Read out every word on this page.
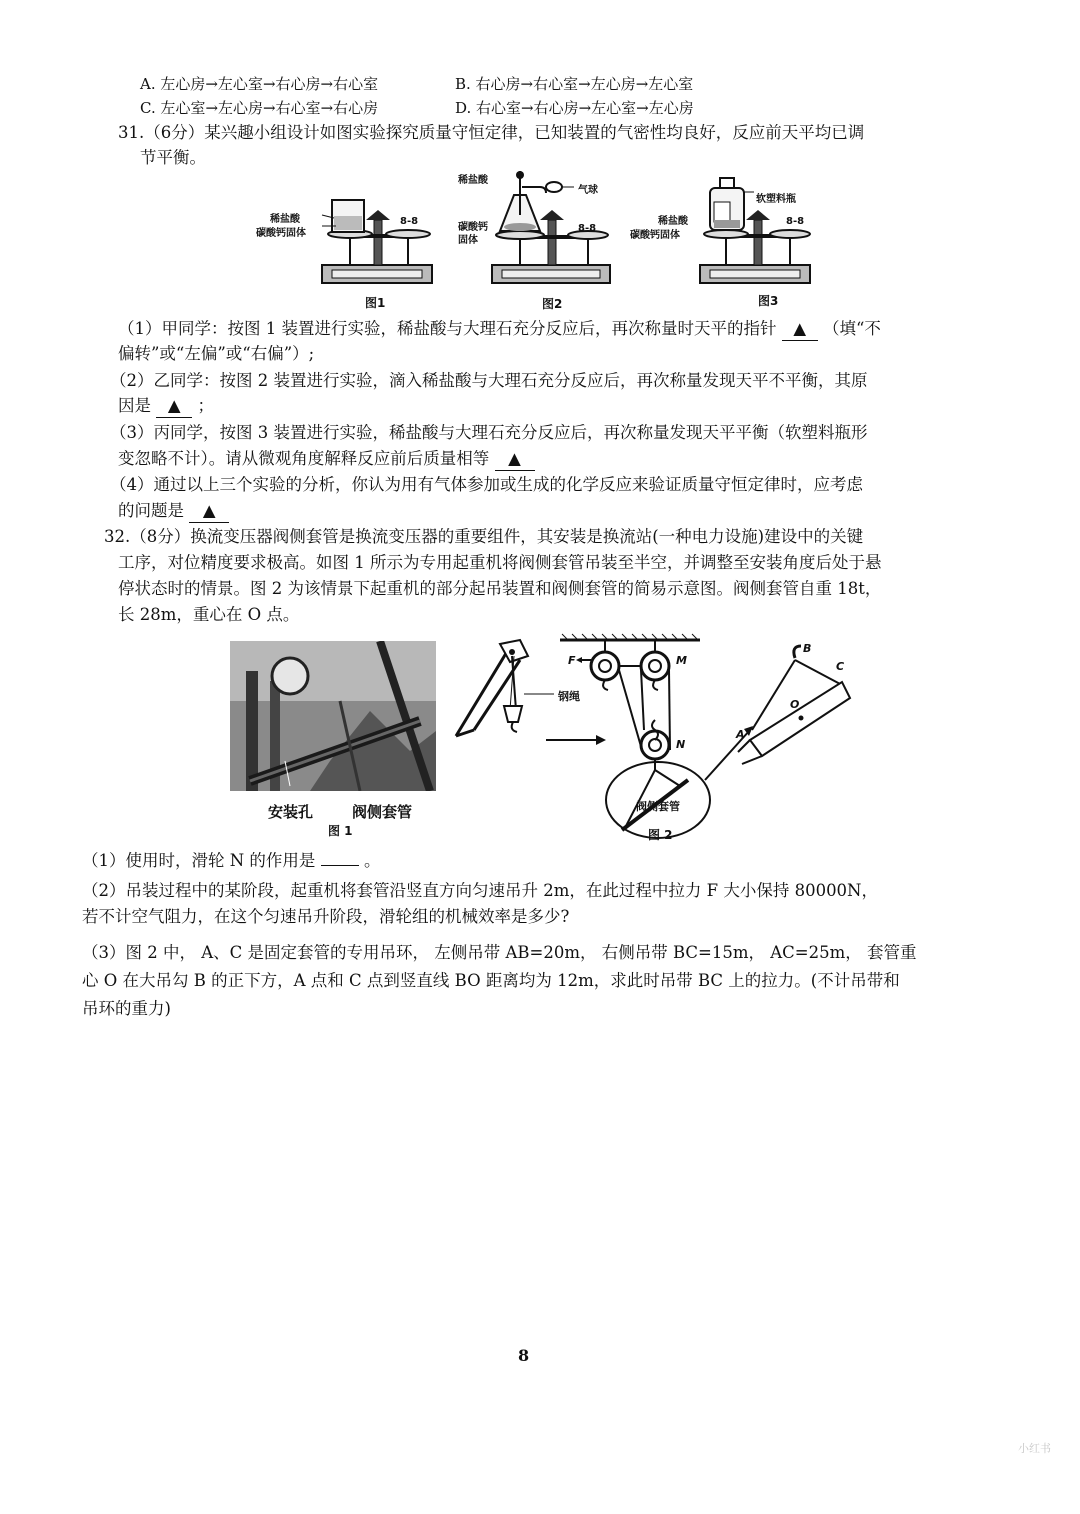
A. 左心房→左心室→右心房→右心室	B. 右心房→右心室→左心房→左心室
C. 左心室→左心房→右心室→右心房	D. 右心室→右心房→左心室→左心房
31.（6分）某兴趣小组设计如图实验探究质量守恒定律，已知装置的气密性均良好，反应前天平均已调
节平衡。
稀盐酸
碳酸钙固体
8-8
图1
稀盐酸
气球
碳酸钙
固体
8-8
图2
软塑料瓶
稀盐酸
碳酸钙固体
8-8
图3
（1）甲同学：按图 1 装置进行实验，稀盐酸与大理石充分反应后，再次称量时天平的指针 ▲ （填“不
偏转”或“左偏”或“右偏”）;
（2）乙同学：按图 2 装置进行实验，滴入稀盐酸与大理石充分反应后，再次称量发现天平不平衡，其原
因是 ▲ ；
（3）丙同学，按图 3 装置进行实验，稀盐酸与大理石充分反应后，再次称量发现天平平衡（软塑料瓶形
变忽略不计）。请从微观角度解释反应前后质量相等 ▲
（4）通过以上三个实验的分析，你认为用有气体参加或生成的化学反应来验证质量守恒定律时，应考虑
的问题是 ▲
32.（8分）换流变压器阀侧套管是换流变压器的重要组件，其安装是换流站(一种电力设施)建设中的关键
工序，对位精度要求极高。如图 1 所示为专用起重机将阀侧套管吊装至半空，并调整至安装角度后处于悬
停状态时的情景。图 2 为该情景下起重机的部分起吊装置和阀侧套管的简易示意图。阀侧套管自重 18t，
长 28m，重心在 O 点。
安装孔	阀侧套管
图 1
F	M
N
钢绳
阀侧套管
A
B
C
O
图 2
（1）使用时，滑轮 N 的作用是	。
（2）吊装过程中的某阶段，起重机将套管沿竖直方向匀速吊升 2m，在此过程中拉力 F 大小保持 80000N，
若不计空气阻力，在这个匀速吊升阶段，滑轮组的机械效率是多少?
（3）图 2 中， A、C 是固定套管的专用吊环， 左侧吊带 AB=20m， 右侧吊带 BC=15m， AC=25m， 套管重
心 O 在大吊勾 B 的正下方，A 点和 C 点到竖直线 BO 距离均为 12m，求此时吊带 BC 上的拉力。(不计吊带和
吊环的重力)
8
小红书
